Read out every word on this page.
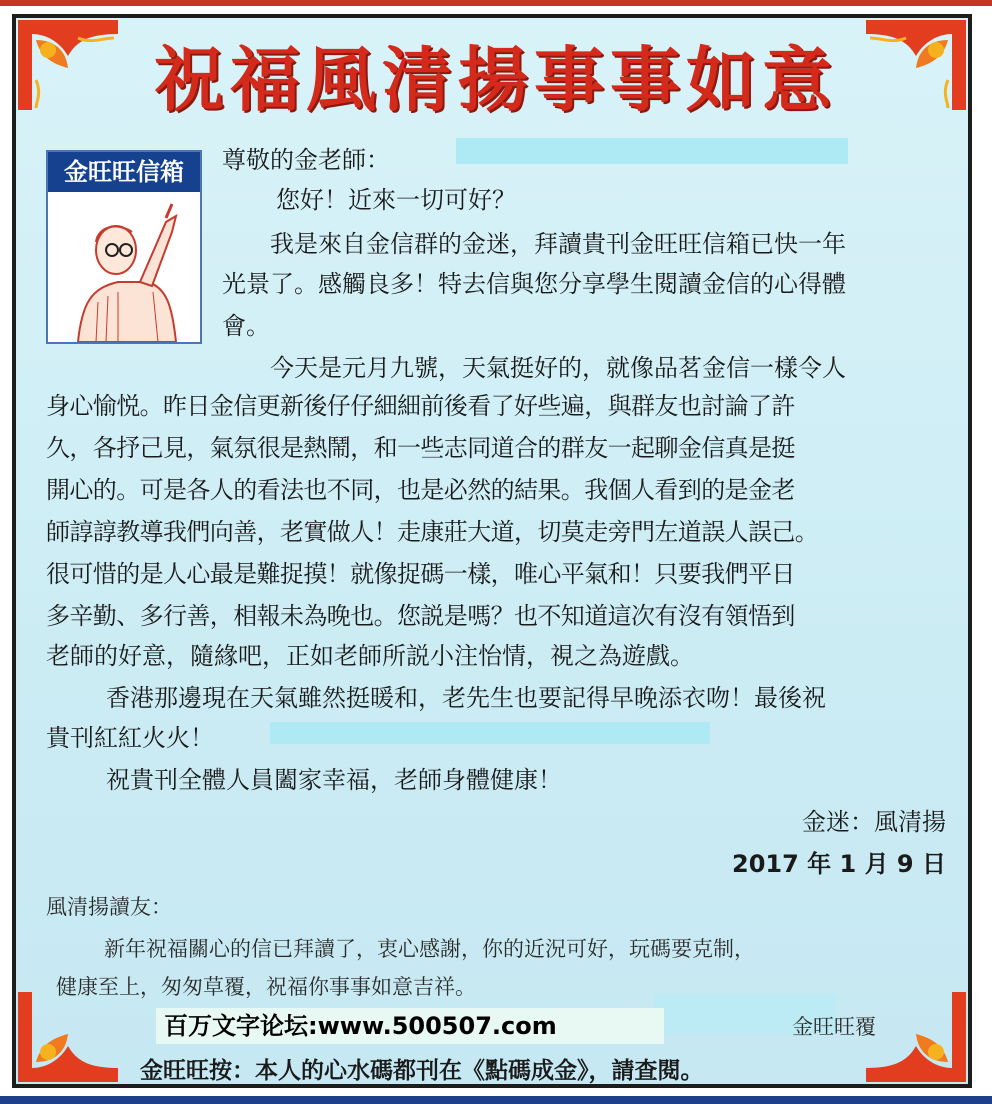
祝福風清揚事事如意
金旺旺信箱	尊敬的金老師：
您好！近來一切可好？
我是來自金信群的金迷，拜讀貴刊金旺旺信箱已快一年
光景了。感觸良多！特去信與您分享學生閱讀金信的心得體
會。
今天是元月九號，天氣挺好的，就像品茗金信一樣令人
身心愉悦。昨日金信更新後仔仔細細前後看了好些遍，與群友也討論了許
久，各抒己見，氣氛很是熱鬧，和一些志同道合的群友一起聊金信真是挺
開心的。可是各人的看法也不同，也是必然的結果。我個人看到的是金老
師諄諄教導我們向善，老實做人！走康莊大道，切莫走旁門左道誤人誤己。
很可惜的是人心最是難捉摸！就像捉碼一樣，唯心平氣和！只要我們平日
多辛勤、多行善，相報未為晚也。您説是嗎？也不知道這次有沒有領悟到
老師的好意，隨緣吧，正如老師所説小注怡情，視之為遊戲。
香港那邊現在天氣雖然挺暖和，老先生也要記得早晚添衣吻！最後祝
貴刊紅紅火火！
祝貴刊全體人員闔家幸福，老師身體健康！
金迷：風清揚
2017 年 1 月 9 日
風清揚讀友：
新年祝福關心的信已拜讀了，衷心感謝，你的近況可好，玩碼要克制，
健康至上，匆匆草覆，祝福你事事如意吉祥。
金旺旺覆
百万文字论坛:www.500507.com
金旺旺按：本人的心水碼都刊在《點碼成金》，請查閱。
